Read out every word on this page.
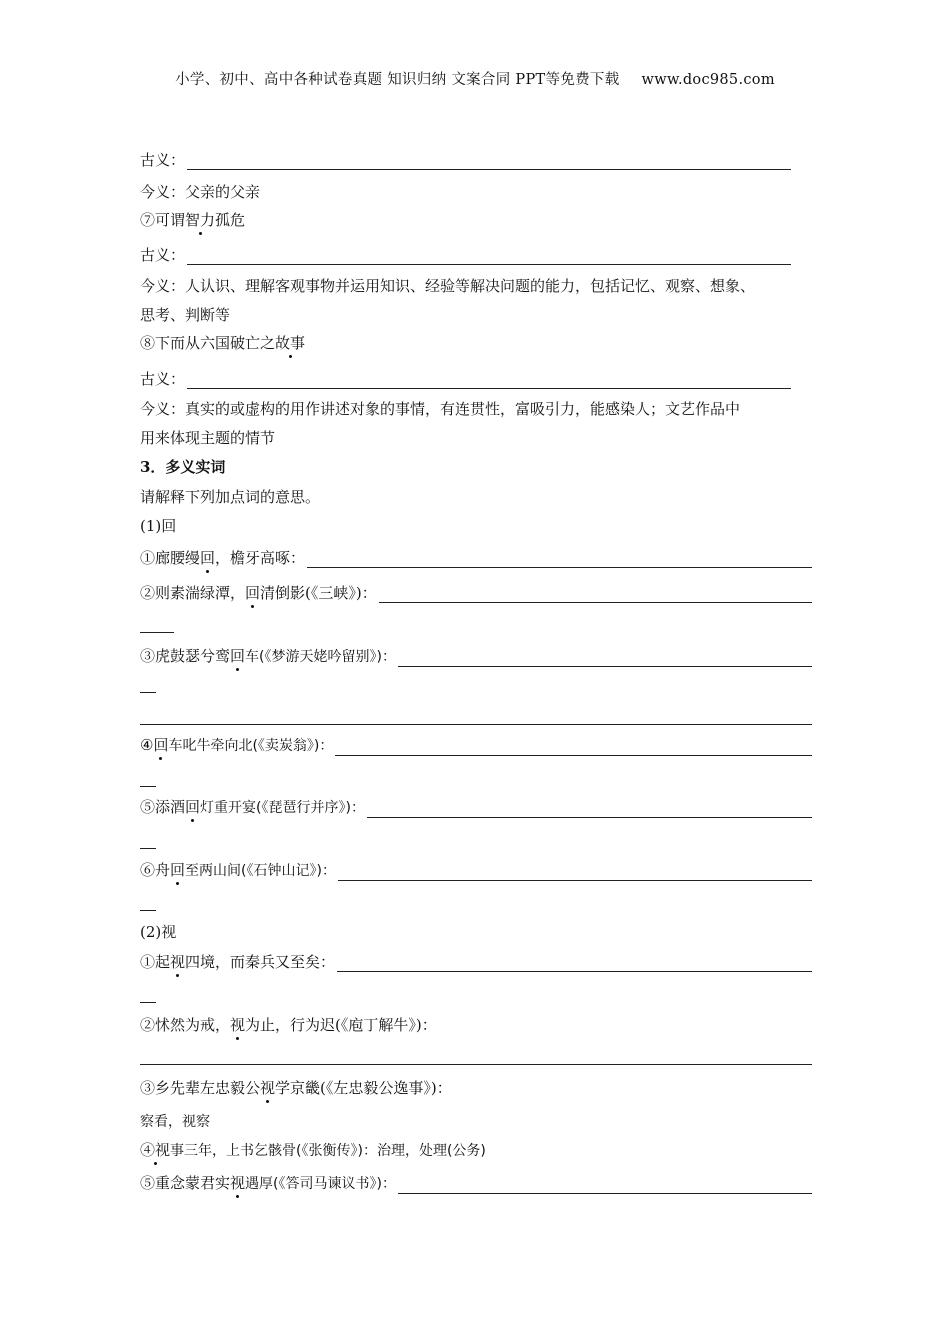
小学、初中、高中各种试卷真题 知识归纳 文案合同 PPT等免费下载 www.doc985.com
古义：
今义：父亲的父亲
⑦可谓智力孤危
古义：
今义：人认识、理解客观事物并运用知识、经验等解决问题的能力，包括记忆、观察、想象、
思考、判断等
⑧下而从六国破亡之故事
古义：
今义：真实的或虚构的用作讲述对象的事情，有连贯性，富吸引力，能感染人；文艺作品中
用来体现主题的情节
3．多义实词
请解释下列加点词的意思。
(1)回
①廊腰缦回，檐牙高啄：
②则素湍绿潭，回清倒影(《三峡》)：
③虎鼓瑟兮鸾回车(《梦游天姥吟留别》)：
④回车叱牛牵向北(《卖炭翁》)：
⑤添酒回灯重开宴(《琵琶行并序》)：
⑥舟回至两山间(《石钟山记》)：
(2)视
①起视四境，而秦兵又至矣：
②怵然为戒，视为止，行为迟(《庖丁解牛》)：
③乡先辈左忠毅公视学京畿(《左忠毅公逸事》)：
察看，视察
④视事三年，上书乞骸骨(《张衡传》)：治理，处理(公务)
⑤重念蒙君实视遇厚(《答司马谏议书》)：
